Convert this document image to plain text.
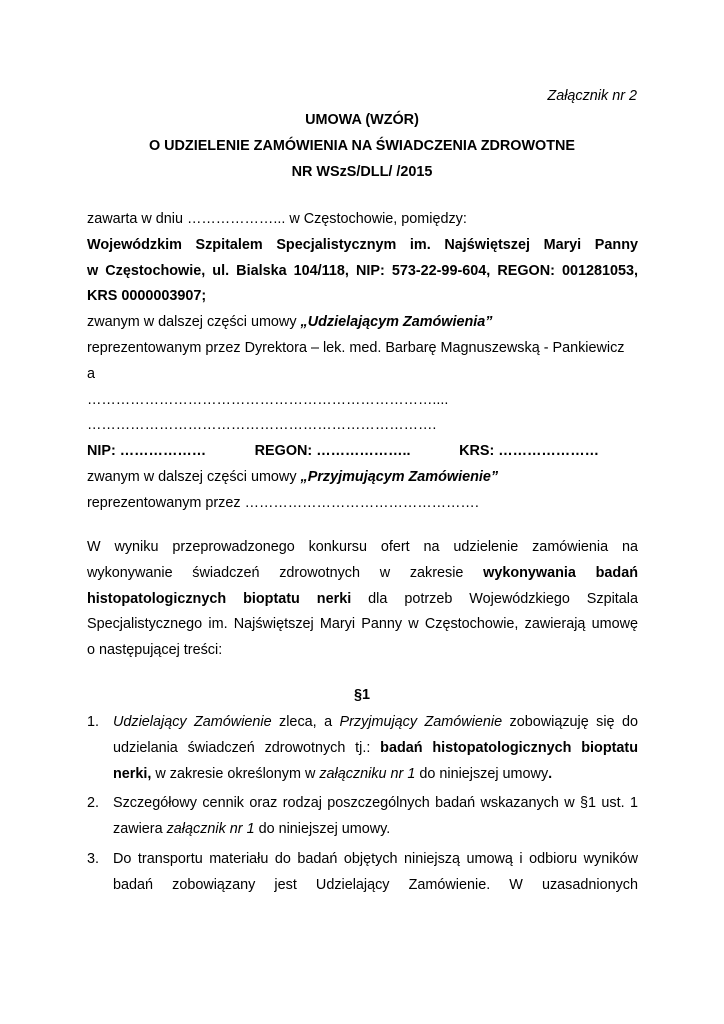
Załącznik nr 2
UMOWA (WZÓR)
O UDZIELENIE ZAMÓWIENIA NA ŚWIADCZENIA ZDROWOTNE
NR WSzS/DLL/ /2015
zawarta w dniu ………………... w Częstochowie, pomiędzy:
Wojewódzkim Szpitalem Specjalistycznym im. Najświętszej Maryi Panny
w Częstochowie, ul. Bialska 104/118, NIP: 573-22-99-604, REGON: 001281053,
KRS 0000003907;
zwanym w dalszej części umowy „Udzielającym Zamówienia”
reprezentowanym przez Dyrektora – lek. med. Barbarę Magnuszewską - Pankiewicz
a
………………………………………………………………....
……………………………………………………………….
NIP: ………………	REGON: ………………..	KRS: …………………
zwanym w dalszej części umowy „Przyjmującym Zamówienie”
reprezentowanym przez ………………………………………….
W wyniku przeprowadzonego konkursu ofert na udzielenie zamówienia na
wykonywanie świadczeń zdrowotnych w zakresie wykonywania badań
histopatologicznych bioptatu nerki dla potrzeb Wojewódzkiego Szpitala
Specjalistycznego im. Najświętszej Maryi Panny w Częstochowie, zawierają umowę
o następującej treści:
§1
1. Udzielający Zamówienie zleca, a Przyjmujący Zamówienie zobowiązuję się do
udzielania świadczeń zdrowotnych tj.: badań histopatologicznych bioptatu
nerki, w zakresie określonym w załączniku nr 1 do niniejszej umowy.
2. Szczegółowy cennik oraz rodzaj poszczególnych badań wskazanych w §1 ust. 1
zawiera załącznik nr 1 do niniejszej umowy.
3. Do transportu materiału do badań objętych niniejszą umową i odbioru wyników
badań zobowiązany jest Udzielający Zamówienie. W uzasadnionych
